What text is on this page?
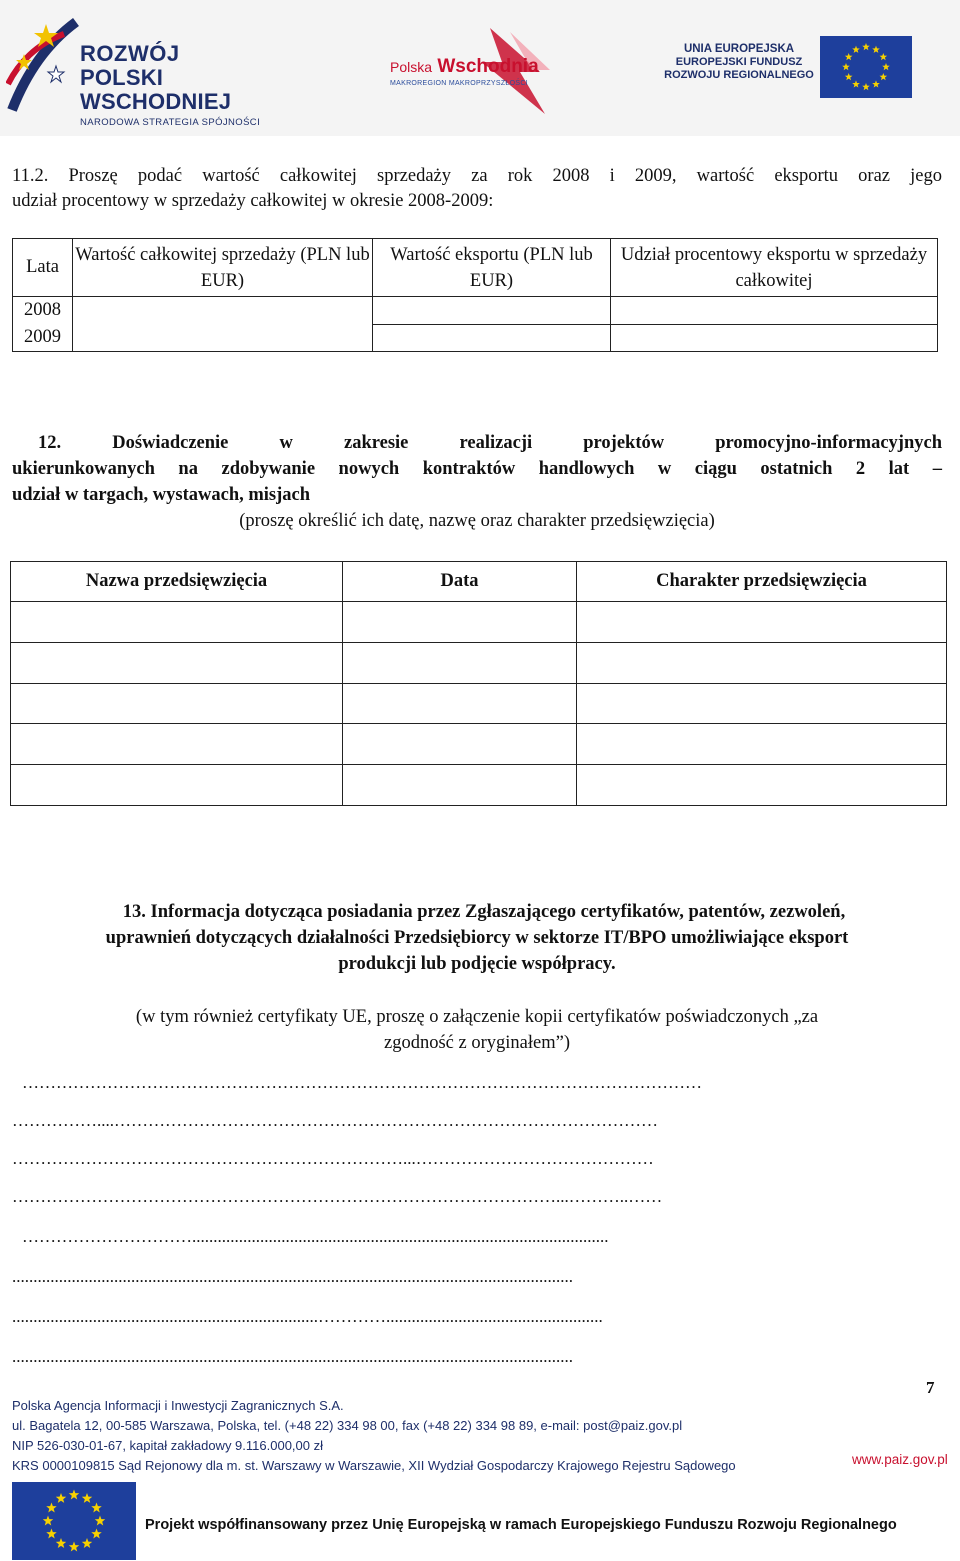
ROZWÓJ
POLSKI WSCHODNIEJ
NARODOWA STRATEGIA SPÓJNOŚCI
Polska Wschodnia
MAKROREGION MAKROPRZYSZŁOŚCI
UNIA EUROPEJSKA
EUROPEJSKI FUNDUSZ
ROZWOJU REGIONALNEGO
11.2. Proszę podać wartość całkowitej sprzedaży za rok 2008 i 2009, wartość eksportu oraz jego
udział procentowy w sprzedaży całkowitej w okresie 2008-2009:
Lata	Wartość całkowitej sprzedaży (PLN lub EUR)	Wartość eksportu (PLN lub EUR)	Udział procentowy eksportu w sprzedaży całkowitej
2008			
2009			
12. Doświadczenie w zakresie realizacji projektów promocyjno-informacyjnych
ukierunkowanych na zdobywanie nowych kontraktów handlowych w ciągu ostatnich 2 lat –
udział w targach, wystawach, misjach
(proszę określić ich datę, nazwę oraz charakter przedsięwzięcia)
Nazwa przedsięwzięcia	Data	Charakter przedsięwzięcia

13. Informacja dotycząca posiadania przez Zgłaszającego certyfikatów, patentów, zezwoleń,
uprawnień dotyczących działalności Przedsiębiorcy w sektorze IT/BPO umożliwiające eksport
produkcji lub podjęcie współpracy.
(w tym również certyfikaty UE, proszę o załączenie kopii certyfikatów poświadczonych „za
zgodność z oryginałem”)
…………………………………………………………………………………………………………
……………....……………………………………………………………………………………
……………………………………………………………...……………………………………
……………………………………………………………………………………...………..……
…………………………..................................................................................................
....................................................................................................................................
........................................................................…………...................................................
....................................................................................................................................
7
Polska Agencja Informacji i Inwestycji Zagranicznych S.A.
ul. Bagatela 12, 00-585 Warszawa, Polska, tel. (+48 22) 334 98 00, fax (+48 22) 334 98 89, e-mail: post@paiz.gov.pl
NIP 526-030-01-67, kapitał zakładowy 9.116.000,00 zł
KRS 0000109815 Sąd Rejonowy dla m. st. Warszawy w Warszawie, XII Wydział Gospodarczy Krajowego Rejestru Sądowego	www.paiz.gov.pl
Projekt współfinansowany przez Unię Europejską w ramach Europejskiego Funduszu Rozwoju Regionalnego
